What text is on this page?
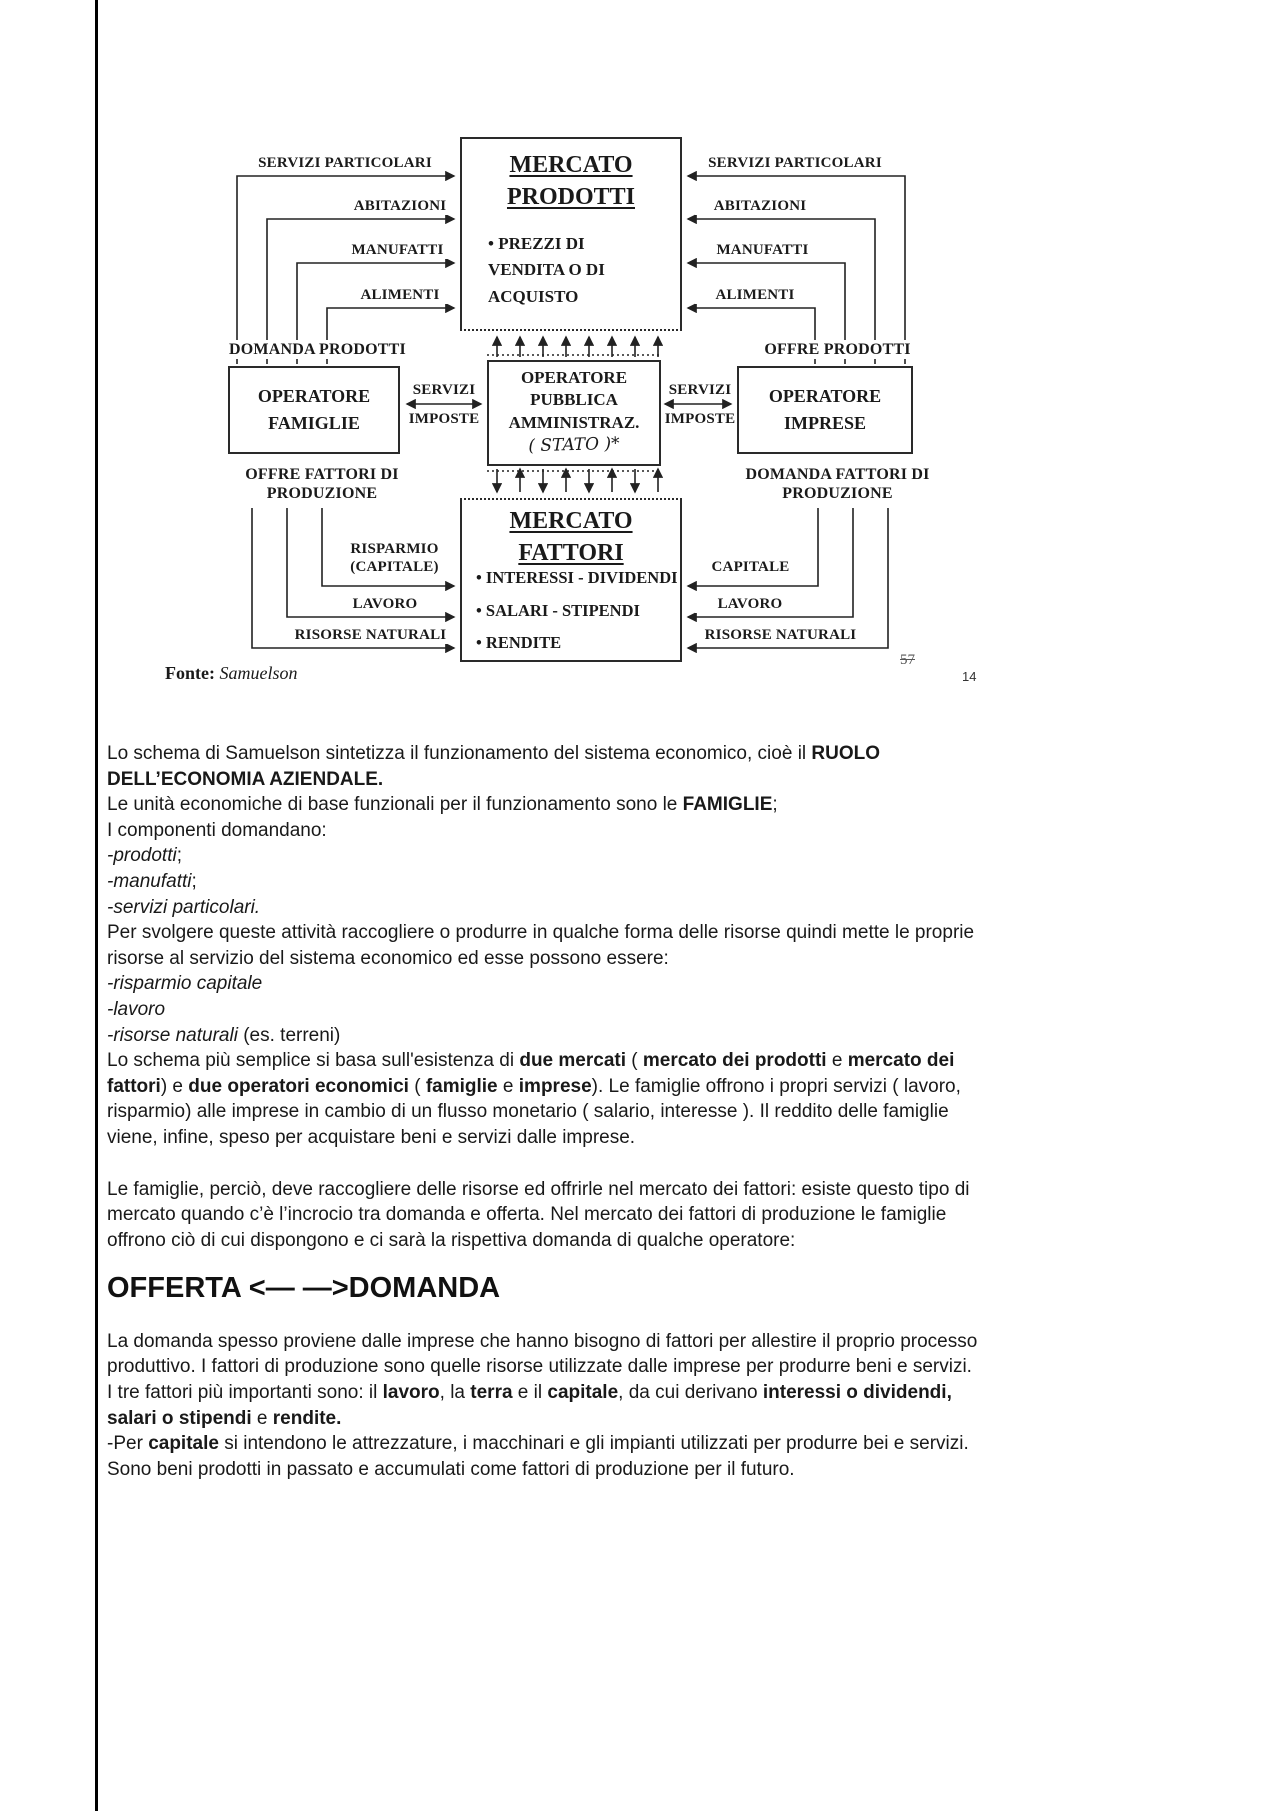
SERVIZI PARTICOLARI
ABITAZIONI
MANUFATTI
ALIMENTI
SERVIZI PARTICOLARI
ABITAZIONI
MANUFATTI
ALIMENTI
MERCATO PRODOTTI
• PREZZI DI VENDITA O DI ACQUISTO
DOMANDA PRODOTTI	OFFRE PRODOTTI
SERVIZI
IMPOSTE
SERVIZI
IMPOSTE
OPERATORE FAMIGLIE
OPERATORE PUBBLICA AMMINISTRAZ.
( STATO )*
OPERATORE IMPRESE
OFFRE FATTORI DI PRODUZIONE
DOMANDA FATTORI DI PRODUZIONE
MERCATO FATTORI
• INTERESSI - DIVIDENDI
• SALARI - STIPENDI
• RENDITE
RISPARMIO (CAPITALE)
LAVORO
RISORSE NATURALI
CAPITALE
LAVORO
RISORSE NATURALI
Fonte: Samuelson
57
14

Lo schema di Samuelson sintetizza il funzionamento del sistema economico, cioè il RUOLO DELL’ECONOMIA AZIENDALE.

Le unità economiche di base funzionali per il funzionamento sono le FAMIGLIE;

I componenti domandano:

-prodotti;

-manufatti;

-servizi particolari.

Per svolgere queste attività raccogliere o produrre in qualche forma delle risorse quindi mette le proprie risorse al servizio del sistema economico ed esse possono essere:

-risparmio capitale

-lavoro

-risorse naturali (es. terreni)

Lo schema più semplice si basa sull'esistenza di due mercati ( mercato dei prodotti e mercato dei fattori) e due operatori economici ( famiglie e imprese). Le famiglie offrono i propri servizi ( lavoro, risparmio) alle imprese in cambio di un flusso monetario ( salario, interesse ). Il reddito delle famiglie viene, infine, speso per acquistare beni e servizi dalle imprese.

Le famiglie, perciò, deve raccogliere delle risorse ed offrirle nel mercato dei fattori: esiste questo tipo di mercato quando c’è l’incrocio tra domanda e offerta. Nel mercato dei fattori di produzione le famiglie offrono ciò di cui dispongono e ci sarà la rispettiva domanda di qualche operatore:

OFFERTA <— —>DOMANDA

La domanda spesso proviene dalle imprese che hanno bisogno di fattori per allestire il proprio processo produttivo. I fattori di produzione sono quelle risorse utilizzate dalle imprese per produrre beni e servizi.

I tre fattori più importanti sono: il lavoro, la terra e il capitale, da cui derivano interessi o dividendi, salari o stipendi e rendite.

-Per capitale si intendono le attrezzature, i macchinari e gli impianti utilizzati per produrre bei e servizi. Sono beni prodotti in passato e accumulati come fattori di produzione per il futuro.
